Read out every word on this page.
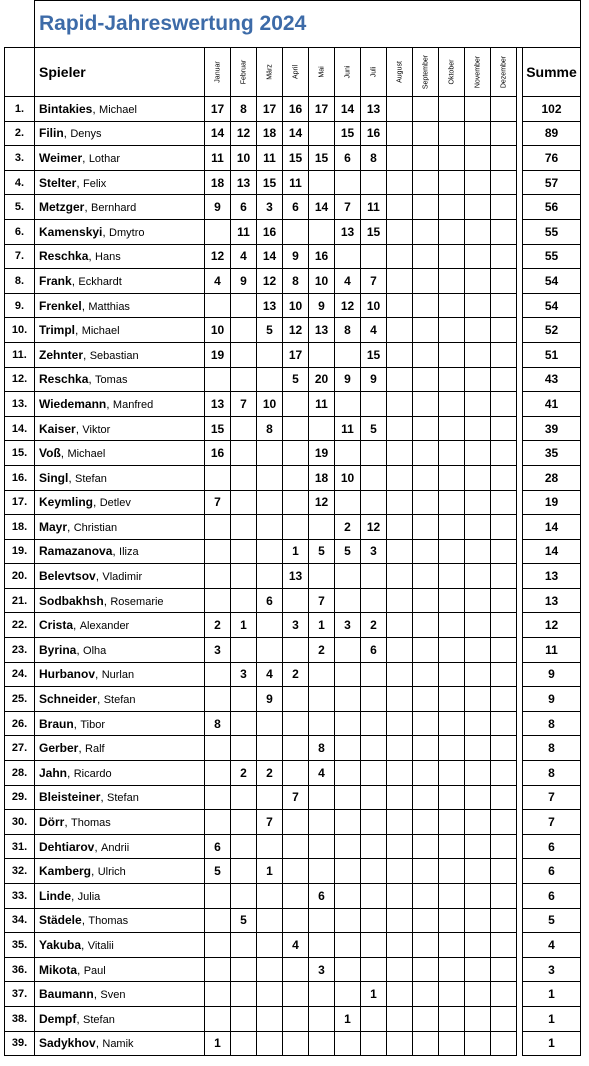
	Rapid-Jahreswertung 2024														
	Spieler	Januar	Februar	März	April	Mai	Juni	Juli	August	September	Oktober	November	Dezember		Summe
1.	Bintakies, Michael	17	8	17	16	17	14	13							102
2.	Filin, Denys	14	12	18	14		15	16							89
3.	Weimer, Lothar	11	10	11	15	15	6	8							76
4.	Stelter, Felix	18	13	15	11										57
5.	Metzger, Bernhard	9	6	3	6	14	7	11							56
6.	Kamenskyi, Dmytro		11	16			13	15							55
7.	Reschka, Hans	12	4	14	9	16									55
8.	Frank, Eckhardt	4	9	12	8	10	4	7							54
9.	Frenkel, Matthias			13	10	9	12	10							54
10.	Trimpl, Michael	10		5	12	13	8	4							52
11.	Zehnter, Sebastian	19			17			15							51
12.	Reschka, Tomas				5	20	9	9							43
13.	Wiedemann, Manfred	13	7	10		11									41
14.	Kaiser, Viktor	15		8			11	5							39
15.	Voß, Michael	16				19									35
16.	Singl, Stefan					18	10								28
17.	Keymling, Detlev	7				12									19
18.	Mayr, Christian						2	12							14
19.	Ramazanova, Iliza				1	5	5	3							14
20.	Belevtsov, Vladimir				13										13
21.	Sodbakhsh, Rosemarie			6		7									13
22.	Crista, Alexander	2	1		3	1	3	2							12
23.	Byrina, Olha	3				2		6							11
24.	Hurbanov, Nurlan		3	4	2										9
25.	Schneider, Stefan			9											9
26.	Braun, Tibor	8													8
27.	Gerber, Ralf					8									8
28.	Jahn, Ricardo		2	2		4									8
29.	Bleisteiner, Stefan				7										7
30.	Dörr, Thomas			7											7
31.	Dehtiarov, Andrii	6													6
32.	Kamberg, Ulrich	5		1											6
33.	Linde, Julia					6									6
34.	Städele, Thomas		5												5
35.	Yakuba, Vitalii				4										4
36.	Mikota, Paul					3									3
37.	Baumann, Sven							1							1
38.	Dempf, Stefan						1								1
39.	Sadykhov, Namik	1													1
